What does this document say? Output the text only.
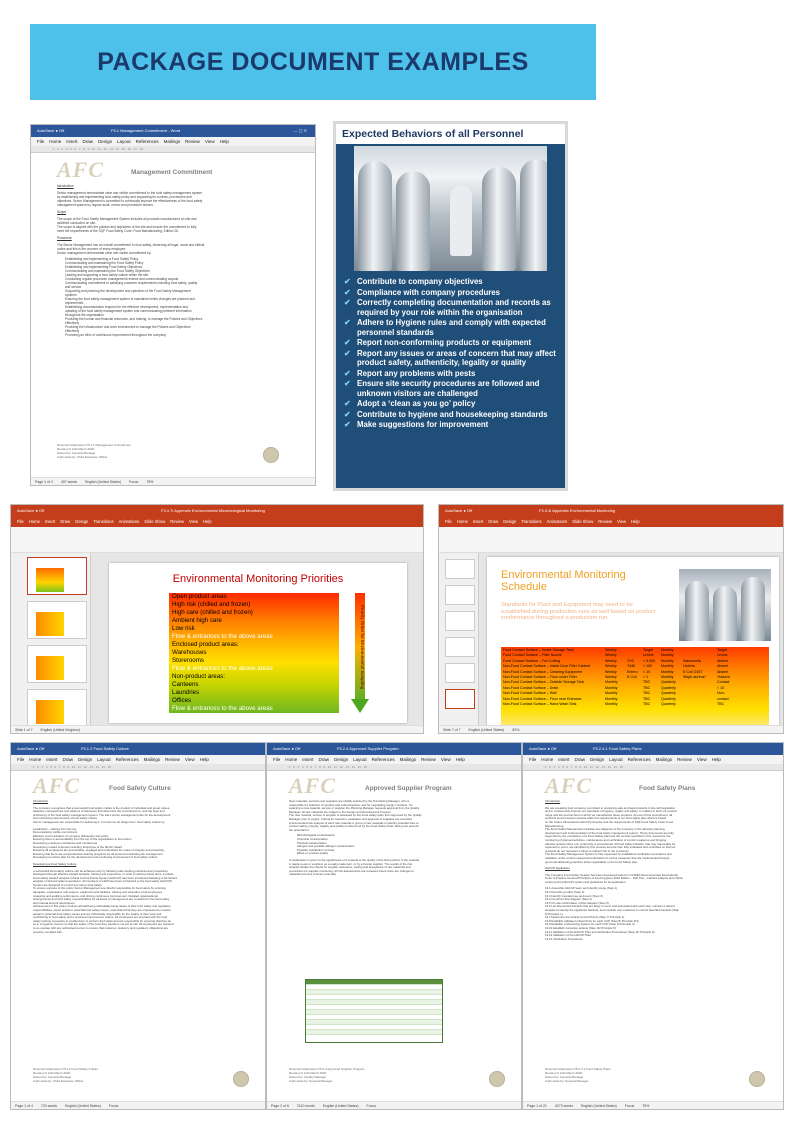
PACKAGE DOCUMENT EXAMPLES
AutoSave ● Off	F5.1 Management Commitment - Word	— ▢ ✕
File Home Insert Draw Design Layout References Mailings Review View Help
· 1 · 2 · 3 · 4 · 5 · 6 · 7 · 8 · 9 · 10 · 11 · 12 · 13 · 14 · 15 · 16 · 17 · 18
AFC	Management Commitment
Introduction
Senior management demonstrate clear and visible commitment to the food safety management system
by establishing and implementing food safety policy and supporting its controls, procedures and
objectives. Senior Management is committed to continually improve the effectiveness of the food safety
management system by regular audit, review and procedure actions.
Scope
The scope of the Food Safety Management System includes all products manufactured on site and
activities conducted on site.
The scope is aligned with the policies and objectives of the site and include the commitment to fully
meet the requirements of the SQF Food Safety Code: Food Manufacturing, Edition 26.
Procedure
The Senior Management has an overall commitment to food safety, observing all legal, moral and ethical
codes and this is the concern of every employee.
Senior management demonstrate clear and visible commitment by:
Establishing and implementing a Food Safety Policy
Communicating and maintaining the Food Safety Policy
Establishing and implementing Food Safety Objectives
Communicating and maintaining the Food Safety Objectives
Leading and supporting a food safety culture within the site
Conducting regular procedure management reviews and communicating outputs
Communicating commitment to satisfying customer requirements including food safety, quality
and service
Supporting and planning the development and operation of the Food Safety Management
systems
Ensuring the food safety management system is maintained when changes are planned and
implemented
Establishing documentation required for the effective development, implementation and
updating of the food safety management system and communicating pertinent information
throughout the organisation
Providing the human and financial resources, and training, to manage the Policies and Objectives
effectively
Providing the infrastructure and work environment to manage the Policies and Objectives
effectively
Promoting an ethic of continuous improvement throughout the company
Document Reference F5.1.1 Management Commitment
Revision 0 11th March 2026
Owned by: General Manager
Authorised by: Chief Executive Officer
Page 1 of 2 407 words English (United States) Focus 75%
Expected Behaviors of all Personnel
✔ Contribute to company objectives
✔ Compliance with company procedures
✔ Correctly completing documentation and records as required by your role within the organisation
✔ Adhere to Hygiene rules and comply with expected personnel standards
✔ Report non-conforming products or equipment
✔ Report any issues or areas of concern that may affect product safety, authenticity, legality or quality
✔ Report any problems with pests
✔ Ensure site security procedures are followed and unknown visitors are challenged
✔ Adopt a ‘clean as you go’ policy
✔ Contribute to hygiene and housekeeping standards
✔ Make suggestions for improvement
AutoSave ● Off	F3.4.7i Appendix Environmental Microbiological Monitoring
File Home Insert Draw Design Transitions Animations Slide Show Review View Help
Environmental Monitoring Priorities
Open product areas
High risk (chilled and frozen)
High care (chilled and frozen)
Ambient high care
Low risk
Flow & entrances to the above areas
Enclosed product areas:
Warehouses
Storerooms
Flow & entrances to the above areas
Non-product areas:
Canteens
Laundries
Offices
Flow & entrances to the above areas
Priority Order for Environmental Sampling
Slide 1 of 7 English (United Kingdom)
AutoSave ● Off	F3.3.4i Appendix Environmental Monitoring
File Home Insert Draw Design Transitions Animations Slide Show Review View Help
Environmental Monitoring Schedule
Standards for Plant and Equipment may need to be established during production runs as well based on product conformance throughout a production run.
Food Contact Surface – Inside Storage Tank	Weekly	Target	Monthly	Target
Food Contact Surface – Filler Nozzle	Weekly	Levels	Monthly	Levels
Food Contact Surface – Full Coding	Weekly	TVC	< 5,000	Monthly	Salmonella	Absent
Non-Food Contact Surface – Inside Door Filler Cabinet	Weekly	Y&M	< 100	Monthly	Listeria	Absent
Non-Food Contact Surface – Cleaning Equipment	Weekly	Entero	< 10	Monthly	E.Coli O157	Absent
Non-Food Contact Surface – Floor under Filler	Weekly	E.Coli	< 1	Monthly	Staph aureus*	*Absent
Non-Food Contact Surface – Outside Storage Tank	Monthly	TBC	Quarterly	Contact
Non-Food Contact Surface – Drain	Monthly	TBC	Quarterly	< 10
Non-Food Contact Surface – Wall	Monthly	TBC	Quarterly	Non-
Non-Food Contact Surface – Floor near Entrance	Monthly	TBC	Quarterly	contact
Non-Food Contact Surface – Hand Wash Sink	Monthly	TBC	Quarterly	TBC
Slide 7 of 7 English (United States) 82%
AutoSave ● Off	F5.1.2 Food Safety Culture
File Home Insert Draw Design Layout References Mailings Review View Help
· 1 · 2 · 3 · 4 · 5 · 6 · 7 · 8 · 9 · 10 · 11 · 12 · 13 · 14 · 15 · 16
AFC	Food Safety Culture
Introduction
The company recognises that a successful food safety culture is the product of individual and group values,
attitudes, competencies and patterns of behaviour that determine the commitment to, and the style and
proficiency of the food safety management system. The site's senior management plan for the development
and continuing improvement of food safety culture.
Senior management are responsible for delivering a “it is how we do things here” food safety culture by:
Leadership – starting from the top
Demonstrating visible commitment
Effective communication of company philosophy and policy
Ensuring there is accountability from the top of the organisation to the bottom
Developing employee confidence and mutual trust
Developing reward schemes including ‘Employee of the Month’ award
Ensuring all employees are accountable, engaged and understand the value of integrity and proactivity
Ensuring that there are comprehensive training programs for all personnel including site management
Developing an action plan for the development and continuing improvement of food safety culture
Developing a Food Safety Culture
A successful food safety culture can be achieved only by following safe working practices and procedures
developed through effective hazard analysis, training and experience, in order to achieve these aims, a robust
Food safety Hazard analysis Critical Control Points System (HACCP) has been introduced following a full hazard
analysis of all food related operations. All members of staff have been introduced to the food safety (HACCP)
System are designed to control any risk to food safety.
To ensure success of this policy Senior Management are directly responsible for food safety by ensuring
adequate, organisation and support, equipment and facilities, training and education of all employees,
reviewing and auditing performance, and driving continuous improvement. Detailed organisational
arrangements and food safety responsibilities for all levels of management are contained in the food safety
and manual and job descriptions.
Achievement of this policy involves all staff being individually being aware of their food safety and regulatory
responsibilities, report actual or potential food safety issues, understand that they are empowered to resolve
actual or potential food safety issues and are individually responsible for the quality of their work and
contributing to food safety and a continual improvement culture. All employees are provided with the food
safety training necessary to enable them to perform their tasks and are responsible for ensuring that they do
so in a hygienic manner so that the safety of the food they handle is not put at risk. All employees are required
to co-operate with any authorised person to ensure that customer, statutory and regulatory obligations are
properly complied with.
Document Reference F5.1.2 Food Safety Culture
Revision 0 11th March 2026
Owned by: General Manager
Authorised by: Chief Executive Officer
Page 1 of 4 723 words English (United States) Focus
AutoSave ● Off	F5.2.4 Approved Supplier Program
File Home Insert Draw Design Layout References Mailings Review View Help
· 1 · 2 · 3 · 4 · 5 · 6 · 7 · 8 · 9 · 10 · 11 · 12 · 13 · 14 · 15 · 16
AFC	Approved Supplier Program
New materials, services and suppliers are initially selected by the Purchasing Manager, who is
responsible for selection of vendors and subcontractors, and for negotiating supply contracts. On
selecting a new material, service or supplier the Planning Manager requests approval from the Quality
Manager. All raw materials are subject to the Design and Development Process.
The new material, service or supplier is assessed by the Food safety team then approved by the Quality
Manager prior to supply. Criteria for selection, evaluation and approval of suppliers are recorded.
A documented risk analysis of each raw material or group of raw materials to identify potential risks to
product safety, integrity, legality and quality is carried out by the Food Safety Team taking into account
the potential for:
Microbiological contamination
Chemical contamination
Physical contamination
Allergen and possible allergen contamination
Possible substitution or fraud
Effect on product quality
Consideration is given to the significance of a material to the quality of the final product. If the material
is ready-to-eat or supplied, as a ready-made item, or by a foreign supplier. The results of the risk
analysis dictate the criteria for supplier assurance, testing and acceptance of raw materials and
procedures for supplier monitoring. All risk assessments are reviewed where there are changes to
materials and at a minimum annually.
Document Reference F5.2.4 Approved Supplier Program
Revision 0 11th March 2026
Owned by: Quality Manager
Authorised by: General Manager
Page 2 of 6 2110 words English (United States) Focus
AutoSave ● Off	F5.2.4.1 Food Safety Plans
File Home Insert Draw Design Layout References Mailings Review View Help
· 1 · 2 · 3 · 4 · 5 · 6 · 7 · 8 · 9 · 10 · 11 · 12 · 13 · 14 · 15 · 16
AFC	Food Safety Plans
Introduction
We are a leading food company committed to producing safe and legal products in line with legislation
and to continuously improve our standards of hygiene, quality and safety. In relation to both our product
range and the environment in which we manufacture these products. As part of this commitment, all
products and processes operate within the requirements of our food safety plan which is based
on the Codex Alimentarius HACCP principles and the requirements of SQF Food Safety Code: Food
Manufacturing.
The Food Safety Manual demonstrates due diligence of the company in the effective planning,
development and implementation of the food safety management system. These documents are fully
supported by the completion of a Food Safety plan and the records specified in this manual for the
monitoring of planned activities, maintenance and verification of control measures and bringing
effective actions when non conformity is encountered. All food safety hazards, that may reasonably be
expected to occur, are identified by this process and are then fully evaluated and controlled so that our
products do not represent a direct or indirect risk to the consumer.
The Food Safety Management System is fully supported by established verification procedures and
validation of the control measures/combination of control measures that are implemented through
good manufacturing practices (when applicable) or the Food Safety plan.
HACCP Application
The Company Food Safety System has been developed based on CODEX Recommended International
Code of Practice General Principles of Food Hygiene 2022 Edition – Part Two – Hazard analysis and critical
control point (HACCP) system and guidelines for its application.
19.1 Assemble HACCP team and identify scope (Step 1)
19.2 Describe product (Step 2)
19.3 Identify intended use and users (Step 3)
19.4 Construct flow diagram (Step 4)
19.5 On-site confirmation of flow diagram (Step 5)
19.6 List all potential hazards that are likely to occur and associated with each step, conduct a hazard
analysis to identify the significant hazards, and consider any measures to control identified hazards (Step
6/ Principle 1)
19.7 Determine the Critical Control Points (Step 7/ Principle 2)
19.8 Establish validated critical limits for each CCP (Step 8/ Principle 3/4)
19.9 Establish a Monitoring System for each CCP (Step 9/ Principle 4)
19.10 Establish corrective actions (Step 10/ Principle 5)
19.11 Validation of the HACCP Plan and Verification Procedures (Step 11/ Principle 6)
19.12 Validation of the HACCP Plan
19.13 Verification Procedures
Document Reference F5.2.4.1 Food Safety Plans
Revision 0 11th March 2026
Owned by: General Manager
Authorised by: General Manager
Page 1 of 21 4073 words English (United States) Focus 75%
